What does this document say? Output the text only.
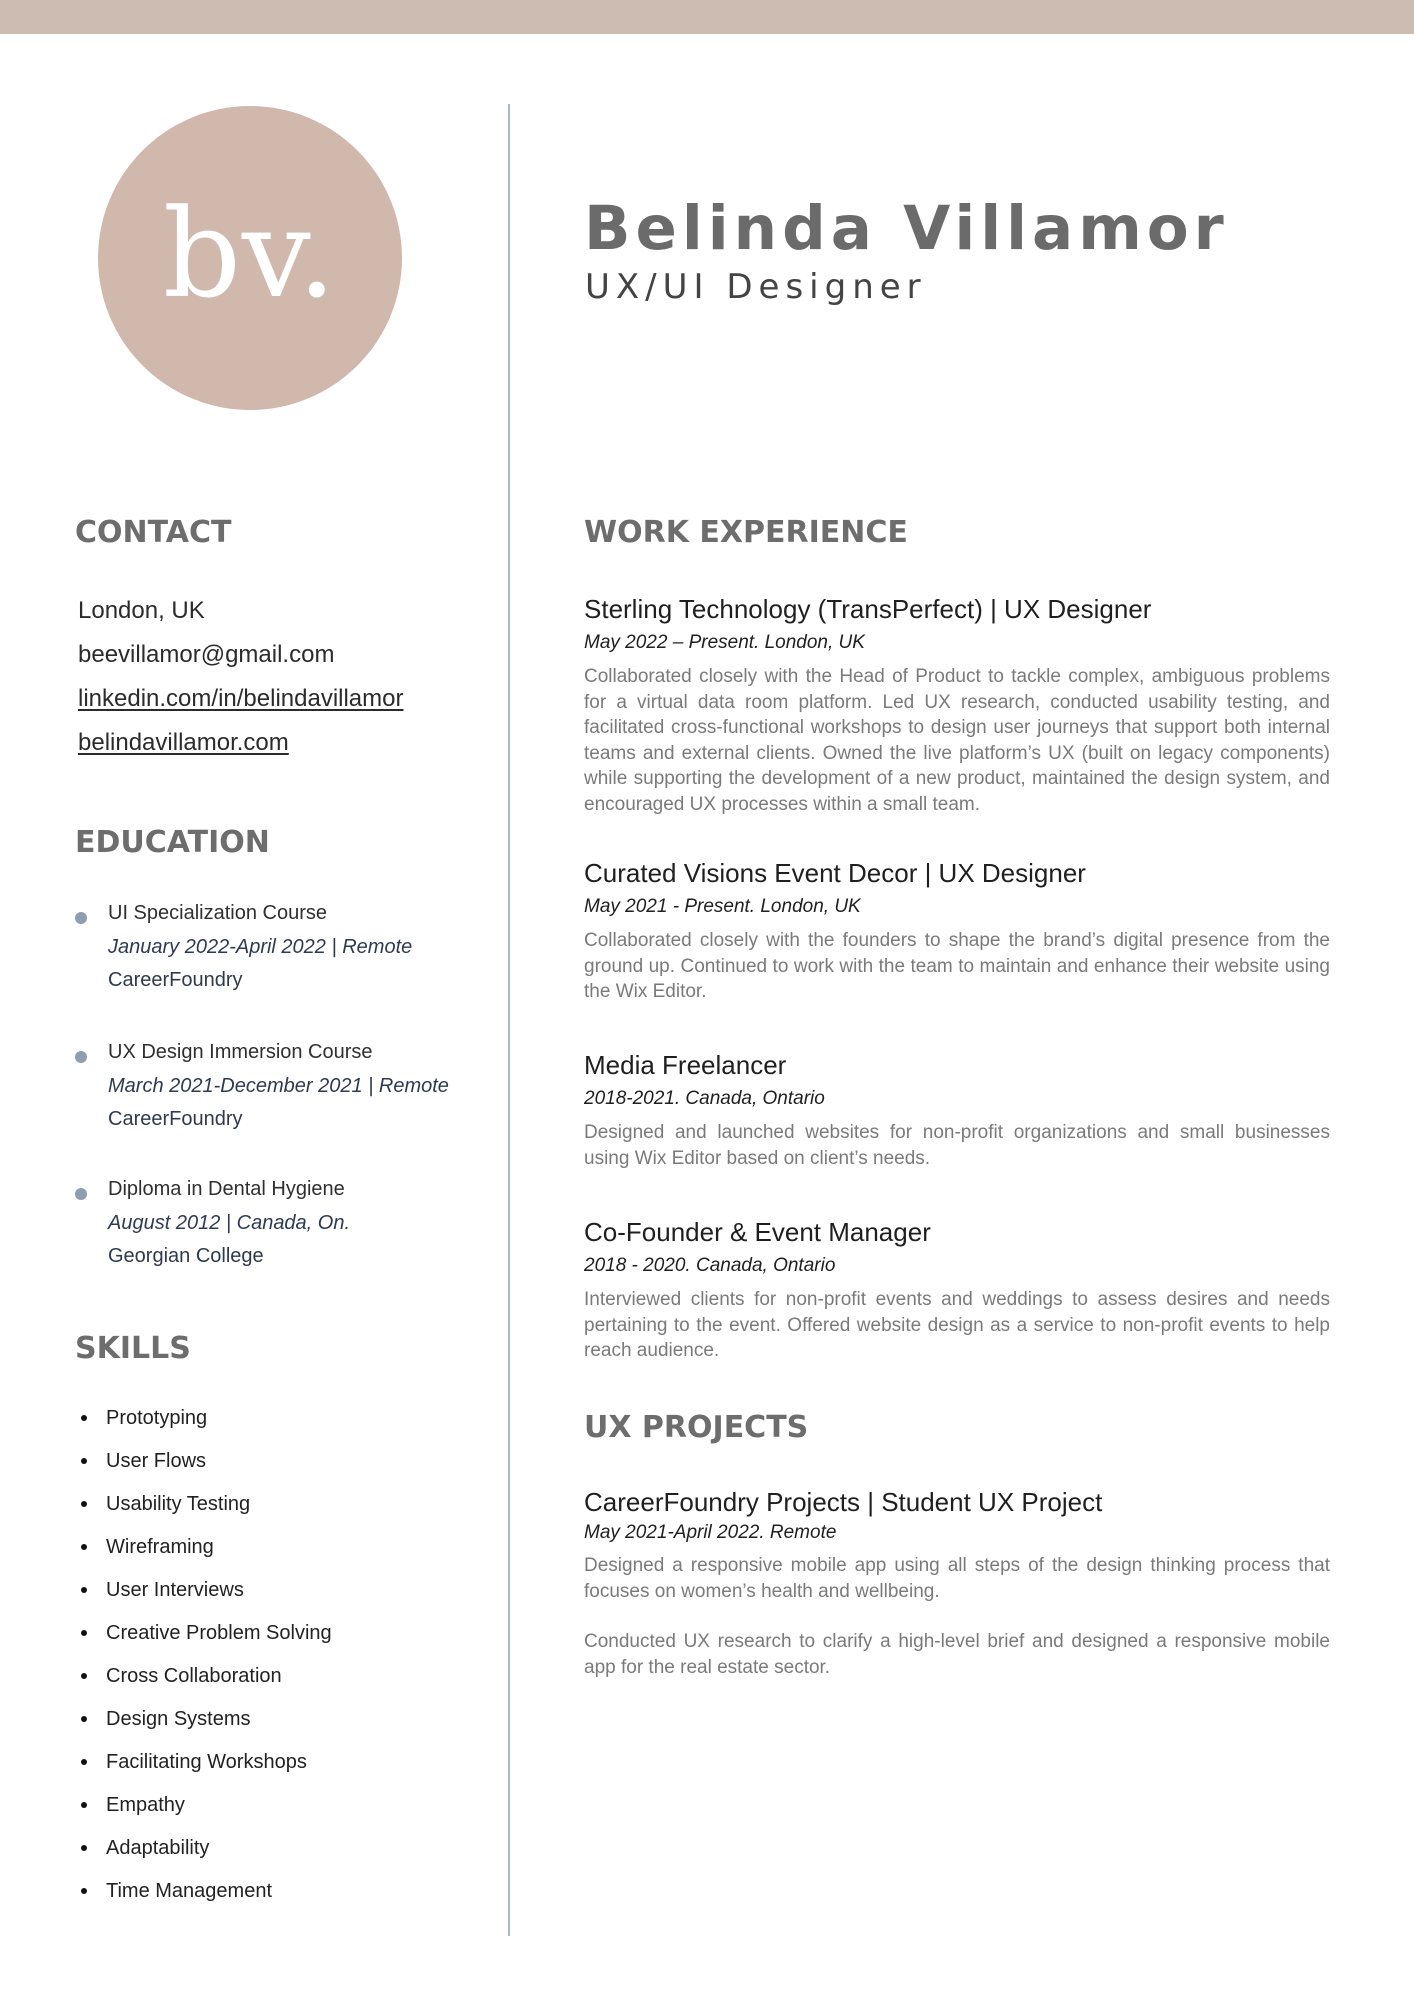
bv.	Belinda Villamor
UX/UI Designer
CONTACT
London, UK
beevillamor@gmail.com
linkedin.com/in/belindavillamor
belindavillamor.com
EDUCATION
UI Specialization Course
January 2022-April 2022 | Remote
CareerFoundry
UX Design Immersion Course
March 2021-December 2021 | Remote
CareerFoundry
Diploma in Dental Hygiene
August 2012 | Canada, On.
Georgian College
SKILLS
Prototyping
User Flows
Usability Testing
Wireframing
User Interviews
Creative Problem Solving
Cross Collaboration
Design Systems
Facilitating Workshops
Empathy
Adaptability
Time Management
WORK EXPERIENCE
Sterling Technology (TransPerfect) | UX Designer
May 2022 – Present. London, UK

Collaborated closely with the Head of Product to tackle complex, ambiguous problems for a virtual data room platform. Led UX research, conducted usability testing, and facilitated cross-functional workshops to design user journeys that support both internal teams and external clients. Owned the live platform’s UX (built on legacy components) while supporting the development of a new product, maintained the design system, and encouraged UX processes within a small team.

Curated Visions Event Decor | UX Designer
May 2021 - Present. London, UK

Collaborated closely with the founders to shape the brand’s digital presence from the ground up. Continued to work with the team to maintain and enhance their website using the Wix Editor.

Media Freelancer
2018-2021. Canada, Ontario

Designed and launched websites for non-profit organizations and small businesses using Wix Editor based on client’s needs.

Co-Founder & Event Manager
2018 - 2020. Canada, Ontario

Interviewed clients for non-profit events and weddings to assess desires and needs pertaining to the event. Offered website design as a service to non-profit events to help reach audience.

UX PROJECTS
CareerFoundry Projects | Student UX Project
May 2021-April 2022. Remote

Designed a responsive mobile app using all steps of the design thinking process that focuses on women’s health and wellbeing.

Conducted UX research to clarify a high-level brief and designed a responsive mobile app for the real estate sector.
